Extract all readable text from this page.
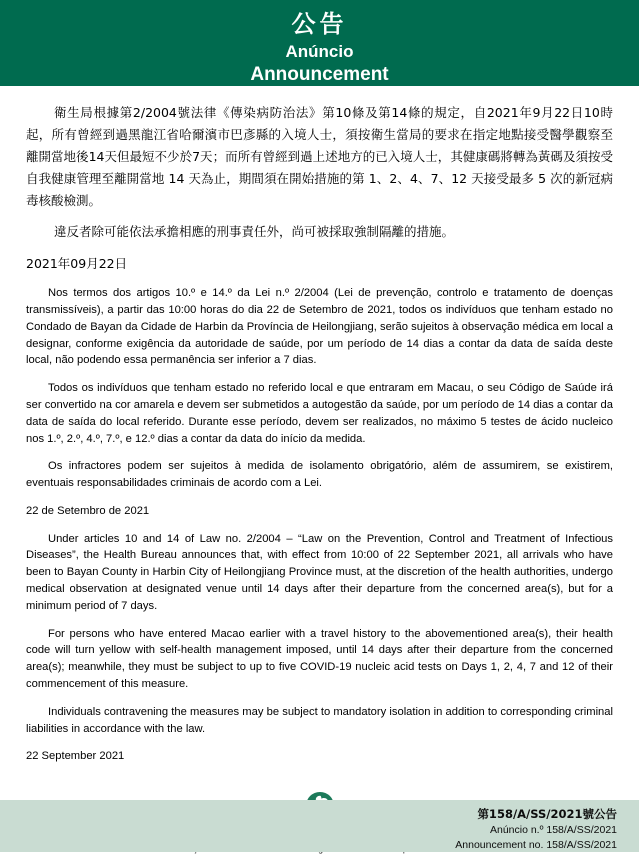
公告

Anúncio

Announcement

衛生局根據第2/2004號法律《傳染病防治法》第10條及第14條的規定，自2021年9月22日10時起，所有曾經到過黑龍江省哈爾濱市巴彥縣的入境人士，須按衛生當局的要求在指定地點接受醫學觀察至離開當地後14天但最短不少於7天；而所有曾經到過上述地方的已入境人士，其健康碼將轉為黃碼及須按受自我健康管理至離開當地 14 天為止，期間須在開始措施的第 1、2、4、7、12 天接受最多 5 次的新冠病毒核酸檢測。

違反者除可能依法承擔相應的刑事責任外，尚可被採取強制隔離的措施。

2021年09月22日

Nos termos dos artigos 10.º e 14.º da Lei n.º 2/2004 (Lei de prevenção, controlo e tratamento de doenças transmissíveis), a partir das 10:00 horas do dia 22 de Setembro de 2021, todos os indivíduos que tenham estado no Condado de Bayan da Cidade de Harbin da Província de Heilongjiang, serão sujeitos à observação médica em local a designar, conforme exigência da autoridade de saúde, por um período de 14 dias a contar da data de saída deste local, não podendo essa permanência ser inferior a 7 dias.

Todos os indivíduos que tenham estado no referido local e que entraram em Macau, o seu Código de Saúde irá ser convertido na cor amarela e devem ser submetidos a autogestão da saúde, por um período de 14 dias a contar da data de saída do local referido. Durante esse período, devem ser realizados, no máximo 5 testes de ácido nucleico nos 1.º, 2.º, 4.º, 7.º, e 12.º dias a contar da data do início da medida.

Os infractores podem ser sujeitos à medida de isolamento obrigatório, além de assumirem, se existirem, eventuais responsabilidades criminais de acordo com a Lei.

22 de Setembro de 2021

Under articles 10 and 14 of Law no. 2/2004 – “Law on the Prevention, Control and Treatment of Infectious Diseases”, the Health Bureau announces that, with effect from 10:00 of 22 September 2021, all arrivals who have been to Bayan County in Harbin City of Heilongjiang Province must, at the discretion of the health authorities, undergo medical observation at designated venue until 14 days after their departure from the concerned area(s), but for a minimum period of 7 days.

For persons who have entered Macao earlier with a travel history to the abovementioned area(s), their health code will turn yellow with self-health management imposed, until 14 days after their departure from the concerned area(s); meanwhile, they must be subject to up to five COVID-19 nucleic acid tests on Days 1, 2, 4, 7 and 12 of their commencement of this measure.

Individuals contravening the measures may be subject to mandatory isolation in addition to corresponding criminal liabilities in accordance with the law.

22 September 2021

第158/A/SS/2021號公告
Anúncio n.º 158/A/SS/2021
Announcement no. 158/A/SS/2021
